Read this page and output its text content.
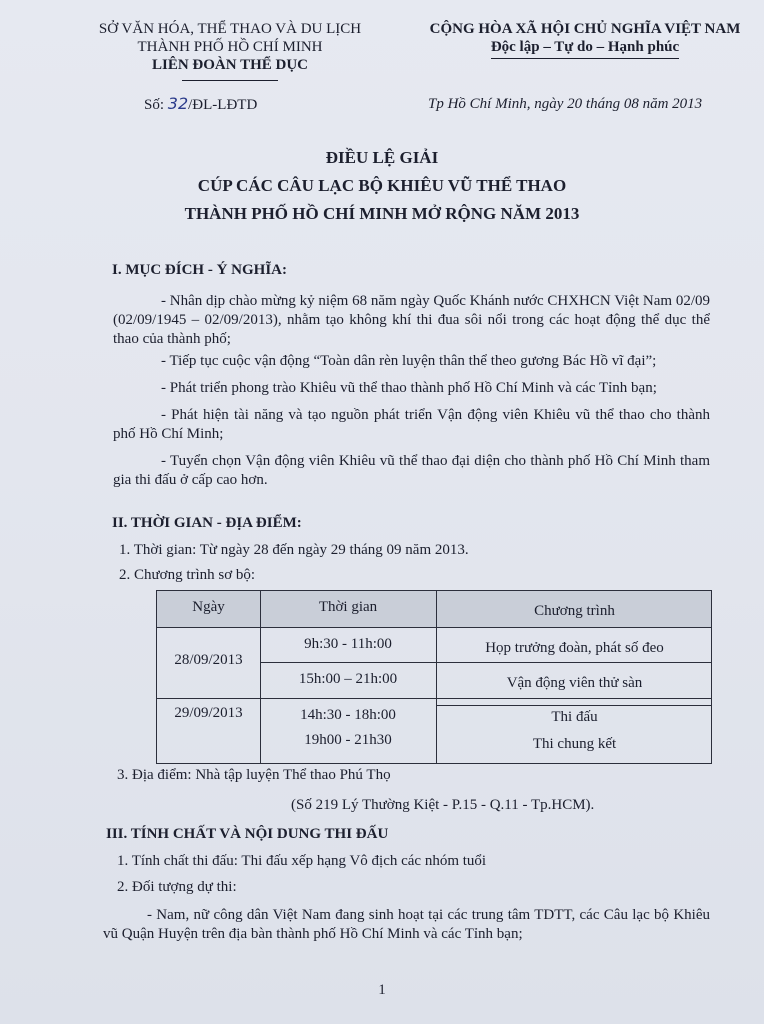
SỞ VĂN HÓA, THỂ THAO VÀ DU LỊCH
THÀNH PHỐ HỒ CHÍ MINH
LIÊN ĐOÀN THỂ DỤC
CỘNG HÒA XÃ HỘI CHỦ NGHĨA VIỆT NAM
Độc lập – Tự do – Hạnh phúc
Số: 32/ĐL-LĐTD	Tp Hồ Chí Minh, ngày 20 tháng 08 năm 2013
ĐIỀU LỆ GIẢI
CÚP CÁC CÂU LẠC BỘ KHIÊU VŨ THỂ THAO
THÀNH PHỐ HỒ CHÍ MINH MỞ RỘNG NĂM 2013
I. MỤC ĐÍCH - Ý NGHĨA:
- Nhân dịp chào mừng kỷ niệm 68 năm ngày Quốc Khánh nước CHXHCN Việt Nam 02/09 (02/09/1945 – 02/09/2013), nhằm tạo không khí thi đua sôi nổi trong các hoạt động thể dục thể thao của thành phố;
- Tiếp tục cuộc vận động “Toàn dân rèn luyện thân thể theo gương Bác Hồ vĩ đại”;
- Phát triển phong trào Khiêu vũ thể thao thành phố Hồ Chí Minh và các Tỉnh bạn;
- Phát hiện tài năng và tạo nguồn phát triển Vận động viên Khiêu vũ thể thao cho thành phố Hồ Chí Minh;
- Tuyển chọn Vận động viên Khiêu vũ thể thao đại diện cho thành phố Hồ Chí Minh tham gia thi đấu ở cấp cao hơn.
II. THỜI GIAN - ĐỊA ĐIỂM:
1. Thời gian: Từ ngày 28 đến ngày 29 tháng 09 năm 2013.
2. Chương trình sơ bộ:
Ngày	Thời gian	Chương trình
28/09/2013
9h:30 - 11h:00	Họp trưởng đoàn, phát số đeo
15h:00 – 21h:00	Vận động viên thử sàn
29/09/2013	14h:30 - 18h:00	Thi đấu
19h00 - 21h30	Thi chung kết
3. Địa điểm: Nhà tập luyện Thể thao Phú Thọ
(Số 219 Lý Thường Kiệt - P.15 - Q.11 - Tp.HCM).
III. TÍNH CHẤT VÀ NỘI DUNG THI ĐẤU
1. Tính chất thi đấu: Thi đấu xếp hạng Vô địch các nhóm tuổi
2. Đối tượng dự thi:
- Nam, nữ công dân Việt Nam đang sinh hoạt tại các trung tâm TDTT, các Câu lạc bộ Khiêu vũ Quận Huyện trên địa bàn thành phố Hồ Chí Minh và các Tỉnh bạn;
1
